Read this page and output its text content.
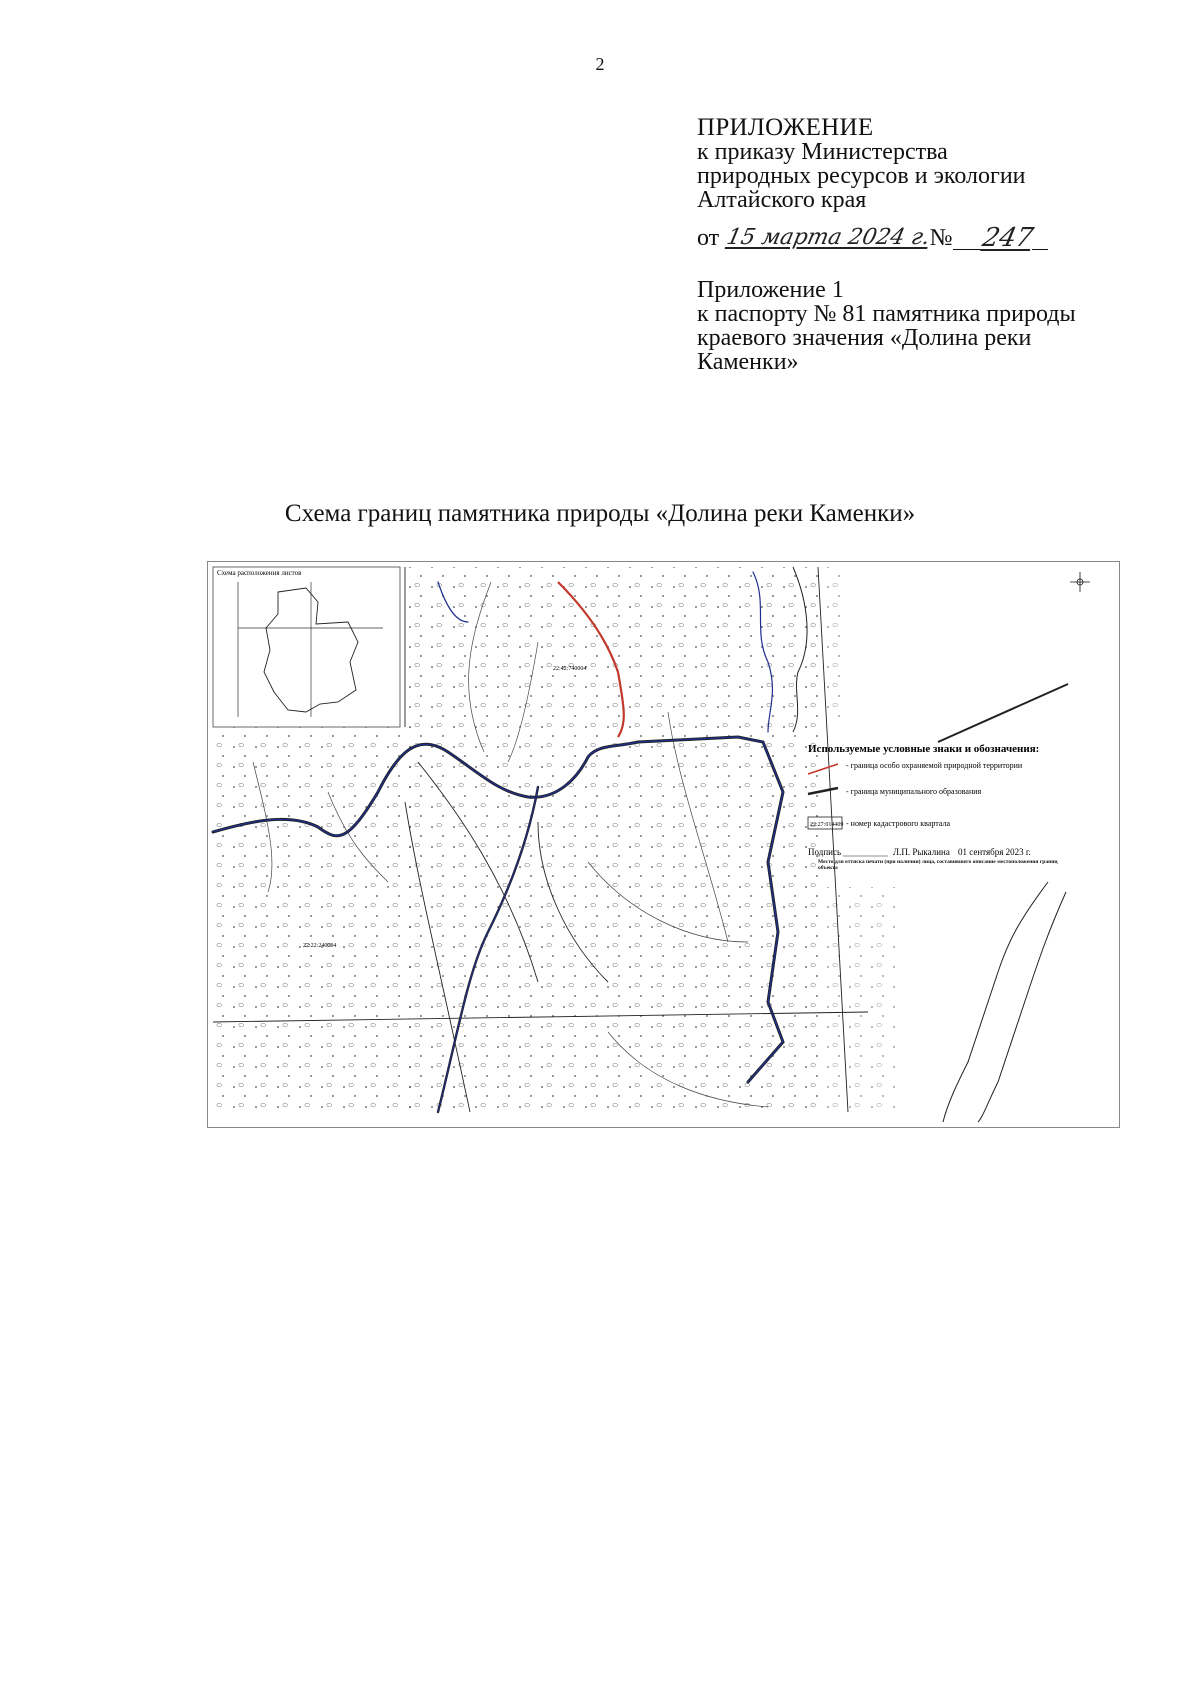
2
ПРИЛОЖЕНИЕ
к приказу Министерства
природных ресурсов и экологии
Алтайского края
от 15 марта 2024 г.
№ 247
Приложение 1
к паспорту № 81 памятника природы
краевого значения «Долина реки
Каменки»
Схема границ памятника природы «Долина реки Каменки»
Схема расположения листов
22:42:740004
22:22:240004
Используемые условные знаки и обозначения:
- граница особо охраняемой природной территории
- граница муниципального образования
22:27:014409 - номер кадастрового квартала
Подпись	Л.П. Рыкалина 01 сентября 2023 г.
Место для оттиска печати (при наличии) лица, составившего описание местоположения границ объекта
